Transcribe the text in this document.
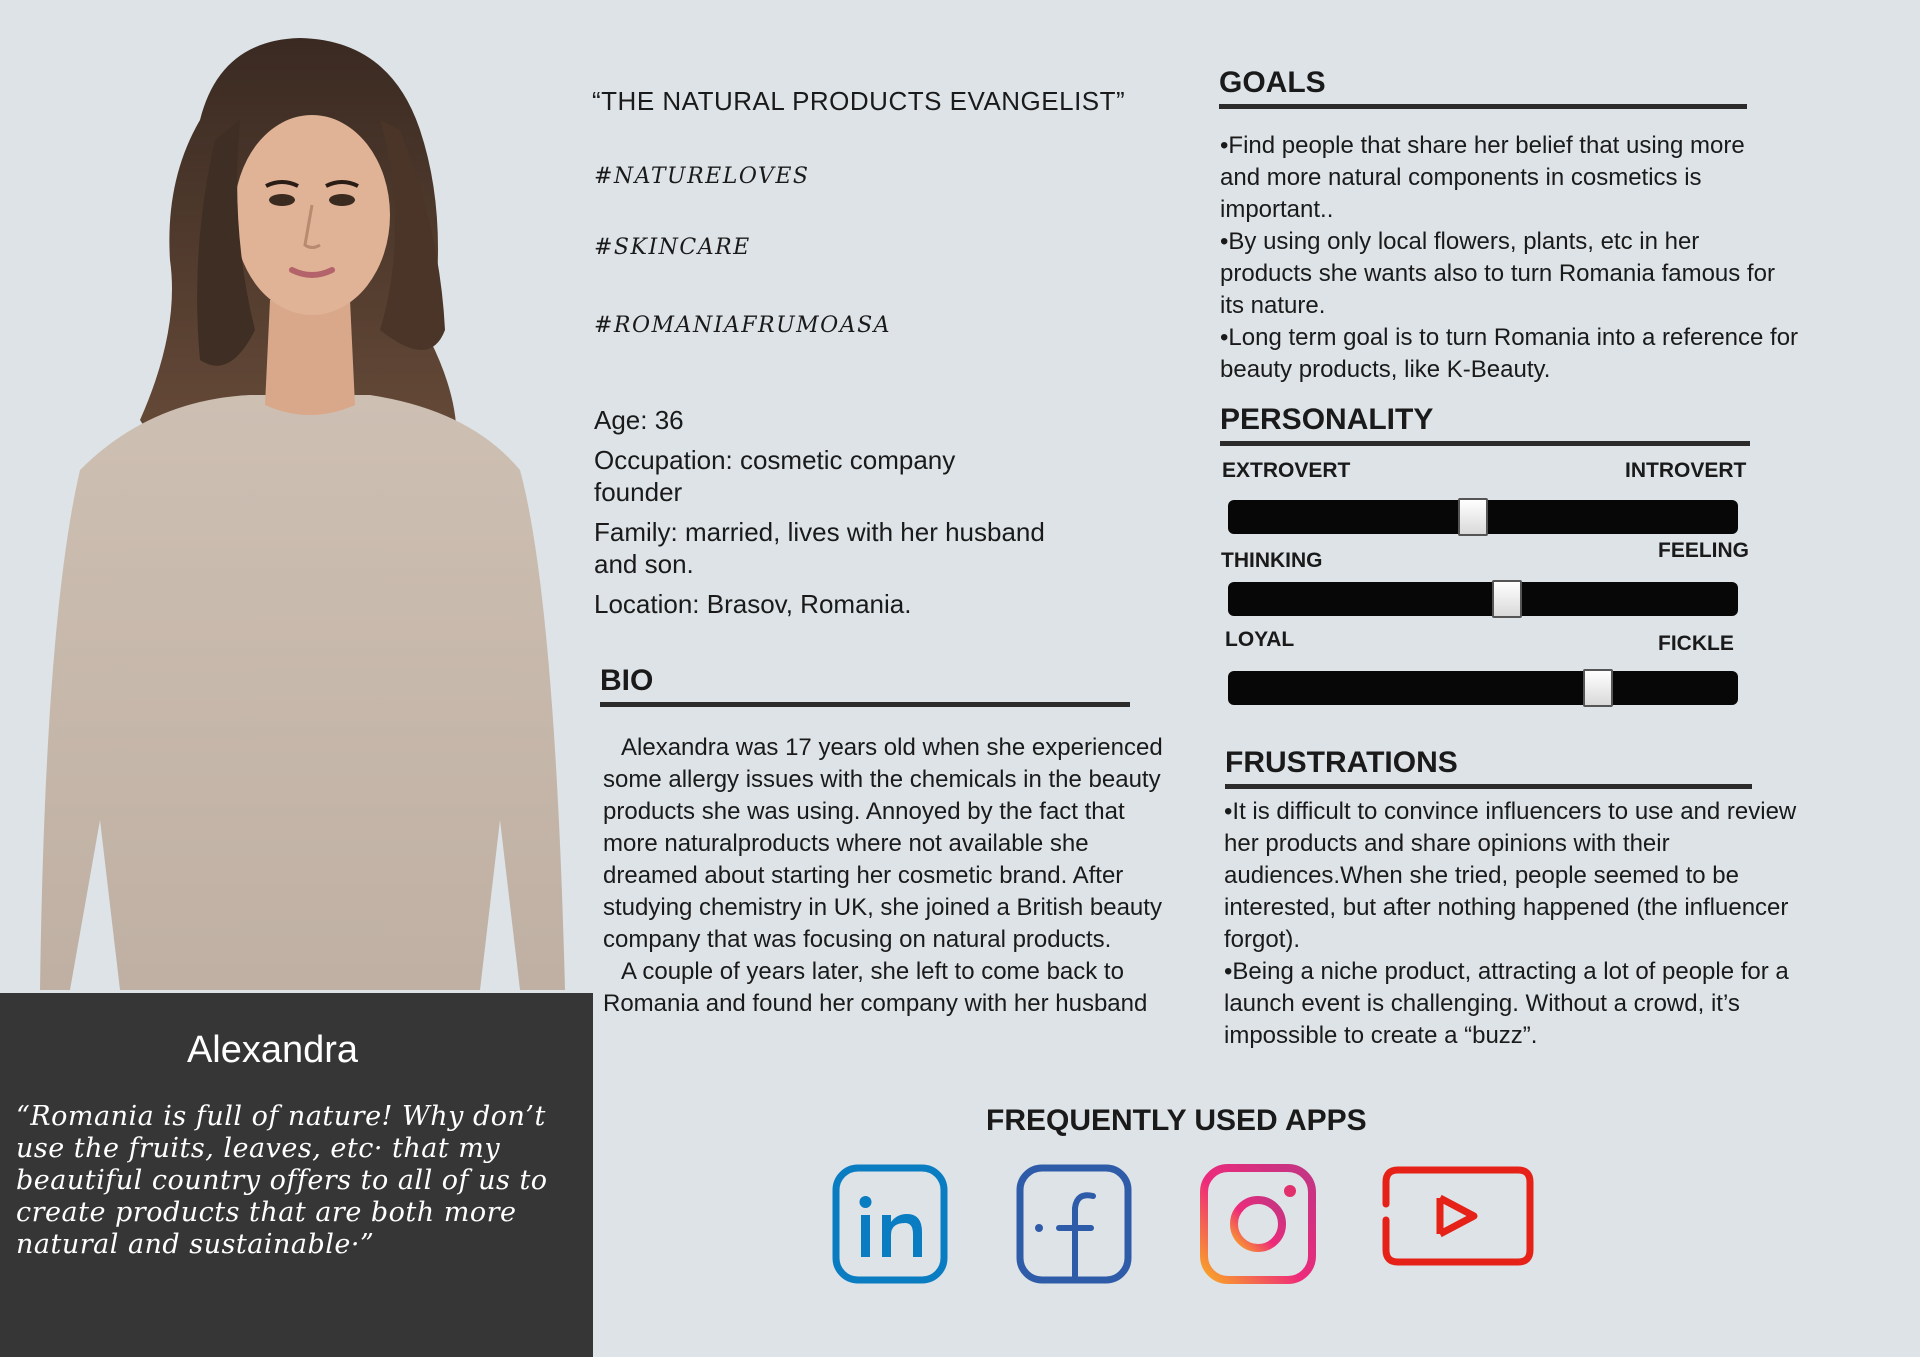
Alexandra
“Romania is full of nature! Why don’t use the fruits, leaves, etc· that my beautiful country offers to all of us to create products that are both more natural and sustainable·”
“THE NATURAL PRODUCTS EVANGELIST”
#NATURELOVES
#SKINCARE
#ROMANIAFRUMOASA

Age: 36

Occupation: cosmetic company founder

Family: married, lives with her husband and son.

Location: Brasov, Romania.

BIO

Alexandra was 17 years old when she experienced some allergy issues with the chemicals in the beauty products she was using. Annoyed by the fact that more naturalproducts where not available she dreamed about starting her cosmetic brand. After studying chemistry in UK, she joined a British beauty company that was focusing on natural products.

A couple of years later, she left to come back to Romania and found her company with her husband

GOALS

•Find people that share her belief that using more and more natural components in cosmetics is important..

•By using only local flowers, plants, etc in her products she wants also to turn Romania famous for its nature.

•Long term goal is to turn Romania into a reference for beauty products, like K-Beauty.

PERSONALITY
EXTROVERT	INTROVERT
THINKING	FEELING
LOYAL	FICKLE
FRUSTRATIONS

•It is difficult to convince influencers to use and review her products and share opinions with their audiences.When she tried, people seemed to be interested, but after nothing happened (the influencer forgot).

•Being a niche product, attracting a lot of people for a launch event is challenging. Without a crowd, it’s impossible to create a “buzz”.

FREQUENTLY USED APPS
